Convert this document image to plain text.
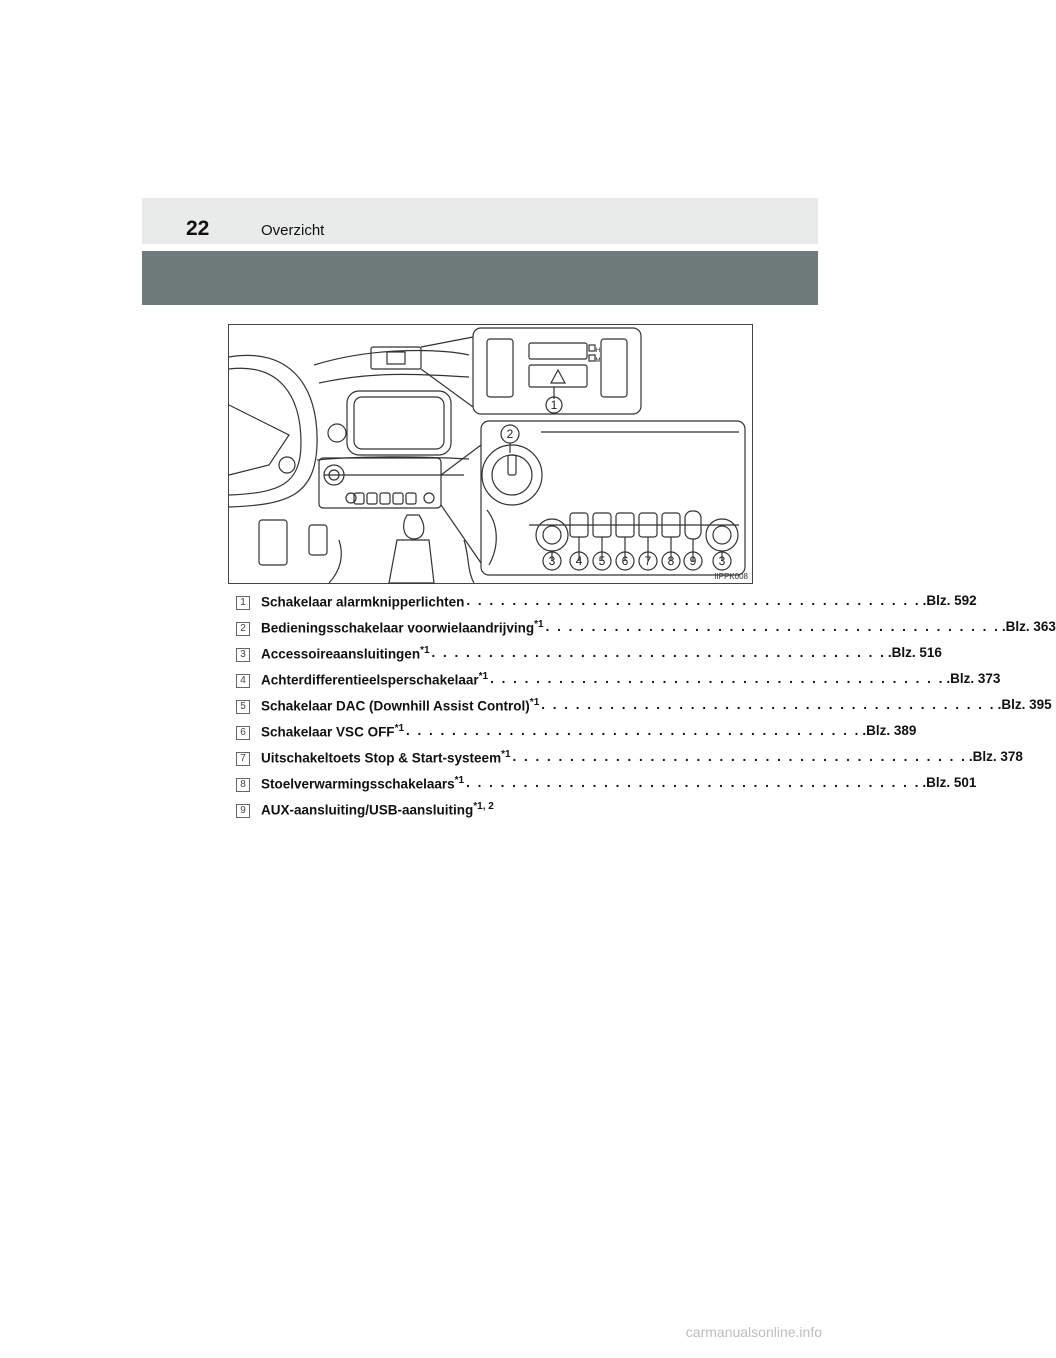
22	Overzicht
H
M
1
2
3 4 5 6 7 8 9 3
IIPPK008
1	Schakelaar alarmknipperlichten . . . . . . . . . . . . . . . . . . . . . . . . . . . . . . . . . . . . . . . . .Blz. 592
2	Bedieningsschakelaar voorwielaandrijving$^{*1}$ . . . . . . . . . . . . . . . . . . . . . . . . . . . . . . . . . . . . . . . . .Blz. 363
3	Accessoireaansluitingen$^{*1}$ . . . . . . . . . . . . . . . . . . . . . . . . . . . . . . . . . . . . . . . . .Blz. 516
4	Achterdifferentieelsperschakelaar$^{*1}$ . . . . . . . . . . . . . . . . . . . . . . . . . . . . . . . . . . . . . . . . .Blz. 373
5	Schakelaar DAC (Downhill Assist Control)$^{*1}$ . . . . . . . . . . . . . . . . . . . . . . . . . . . . . . . . . . . . . . . . .Blz. 395
6	Schakelaar VSC OFF$^{*1}$ . . . . . . . . . . . . . . . . . . . . . . . . . . . . . . . . . . . . . . . . .Blz. 389
7	Uitschakeltoets Stop & Start-systeem$^{*1}$ . . . . . . . . . . . . . . . . . . . . . . . . . . . . . . . . . . . . . . . . .Blz. 378
8	Stoelverwarmingsschakelaars$^{*1}$ . . . . . . . . . . . . . . . . . . . . . . . . . . . . . . . . . . . . . . . . .Blz. 501
9	AUX-aansluiting/USB-aansluiting$^{*1, 2}$
carmanualsonline.info
